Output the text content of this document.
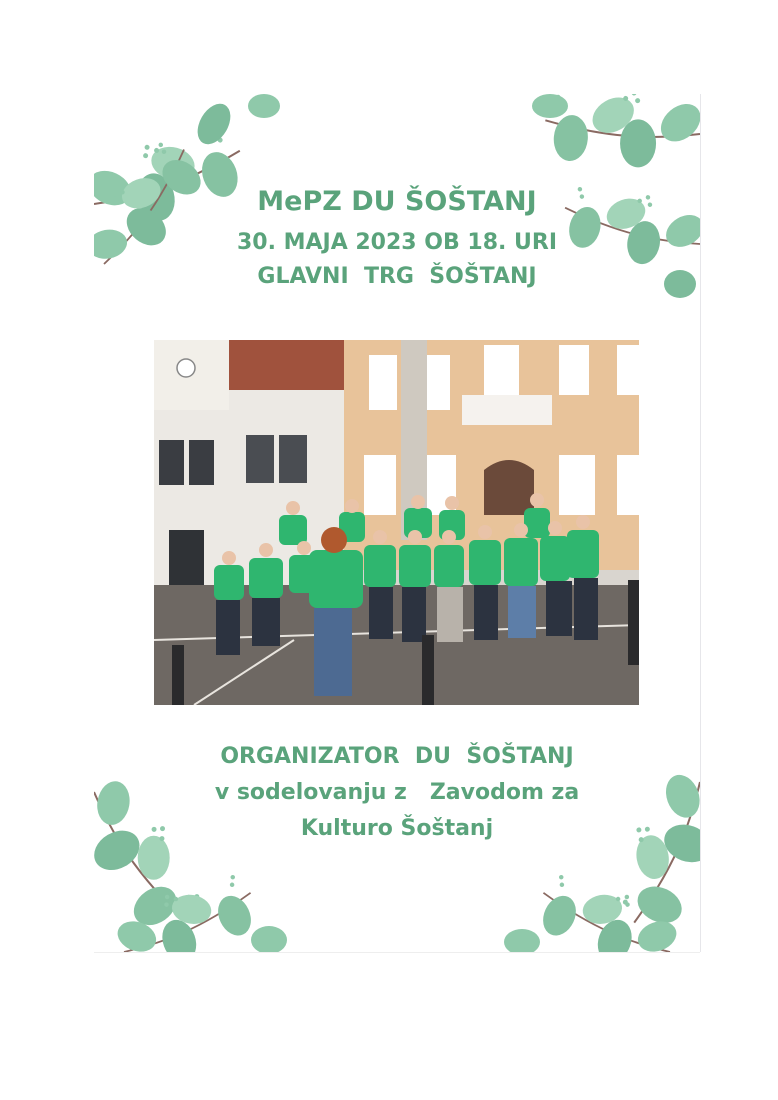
MePZ DU ŠOŠTANJ
30. MAJA 2023 OB 18. URI
GLAVNI  TRG  ŠOŠTANJ
ORGANIZATOR  DU  ŠOŠTANJ
v sodelovanju z   Zavodom za
Kulturo Šoštanj
